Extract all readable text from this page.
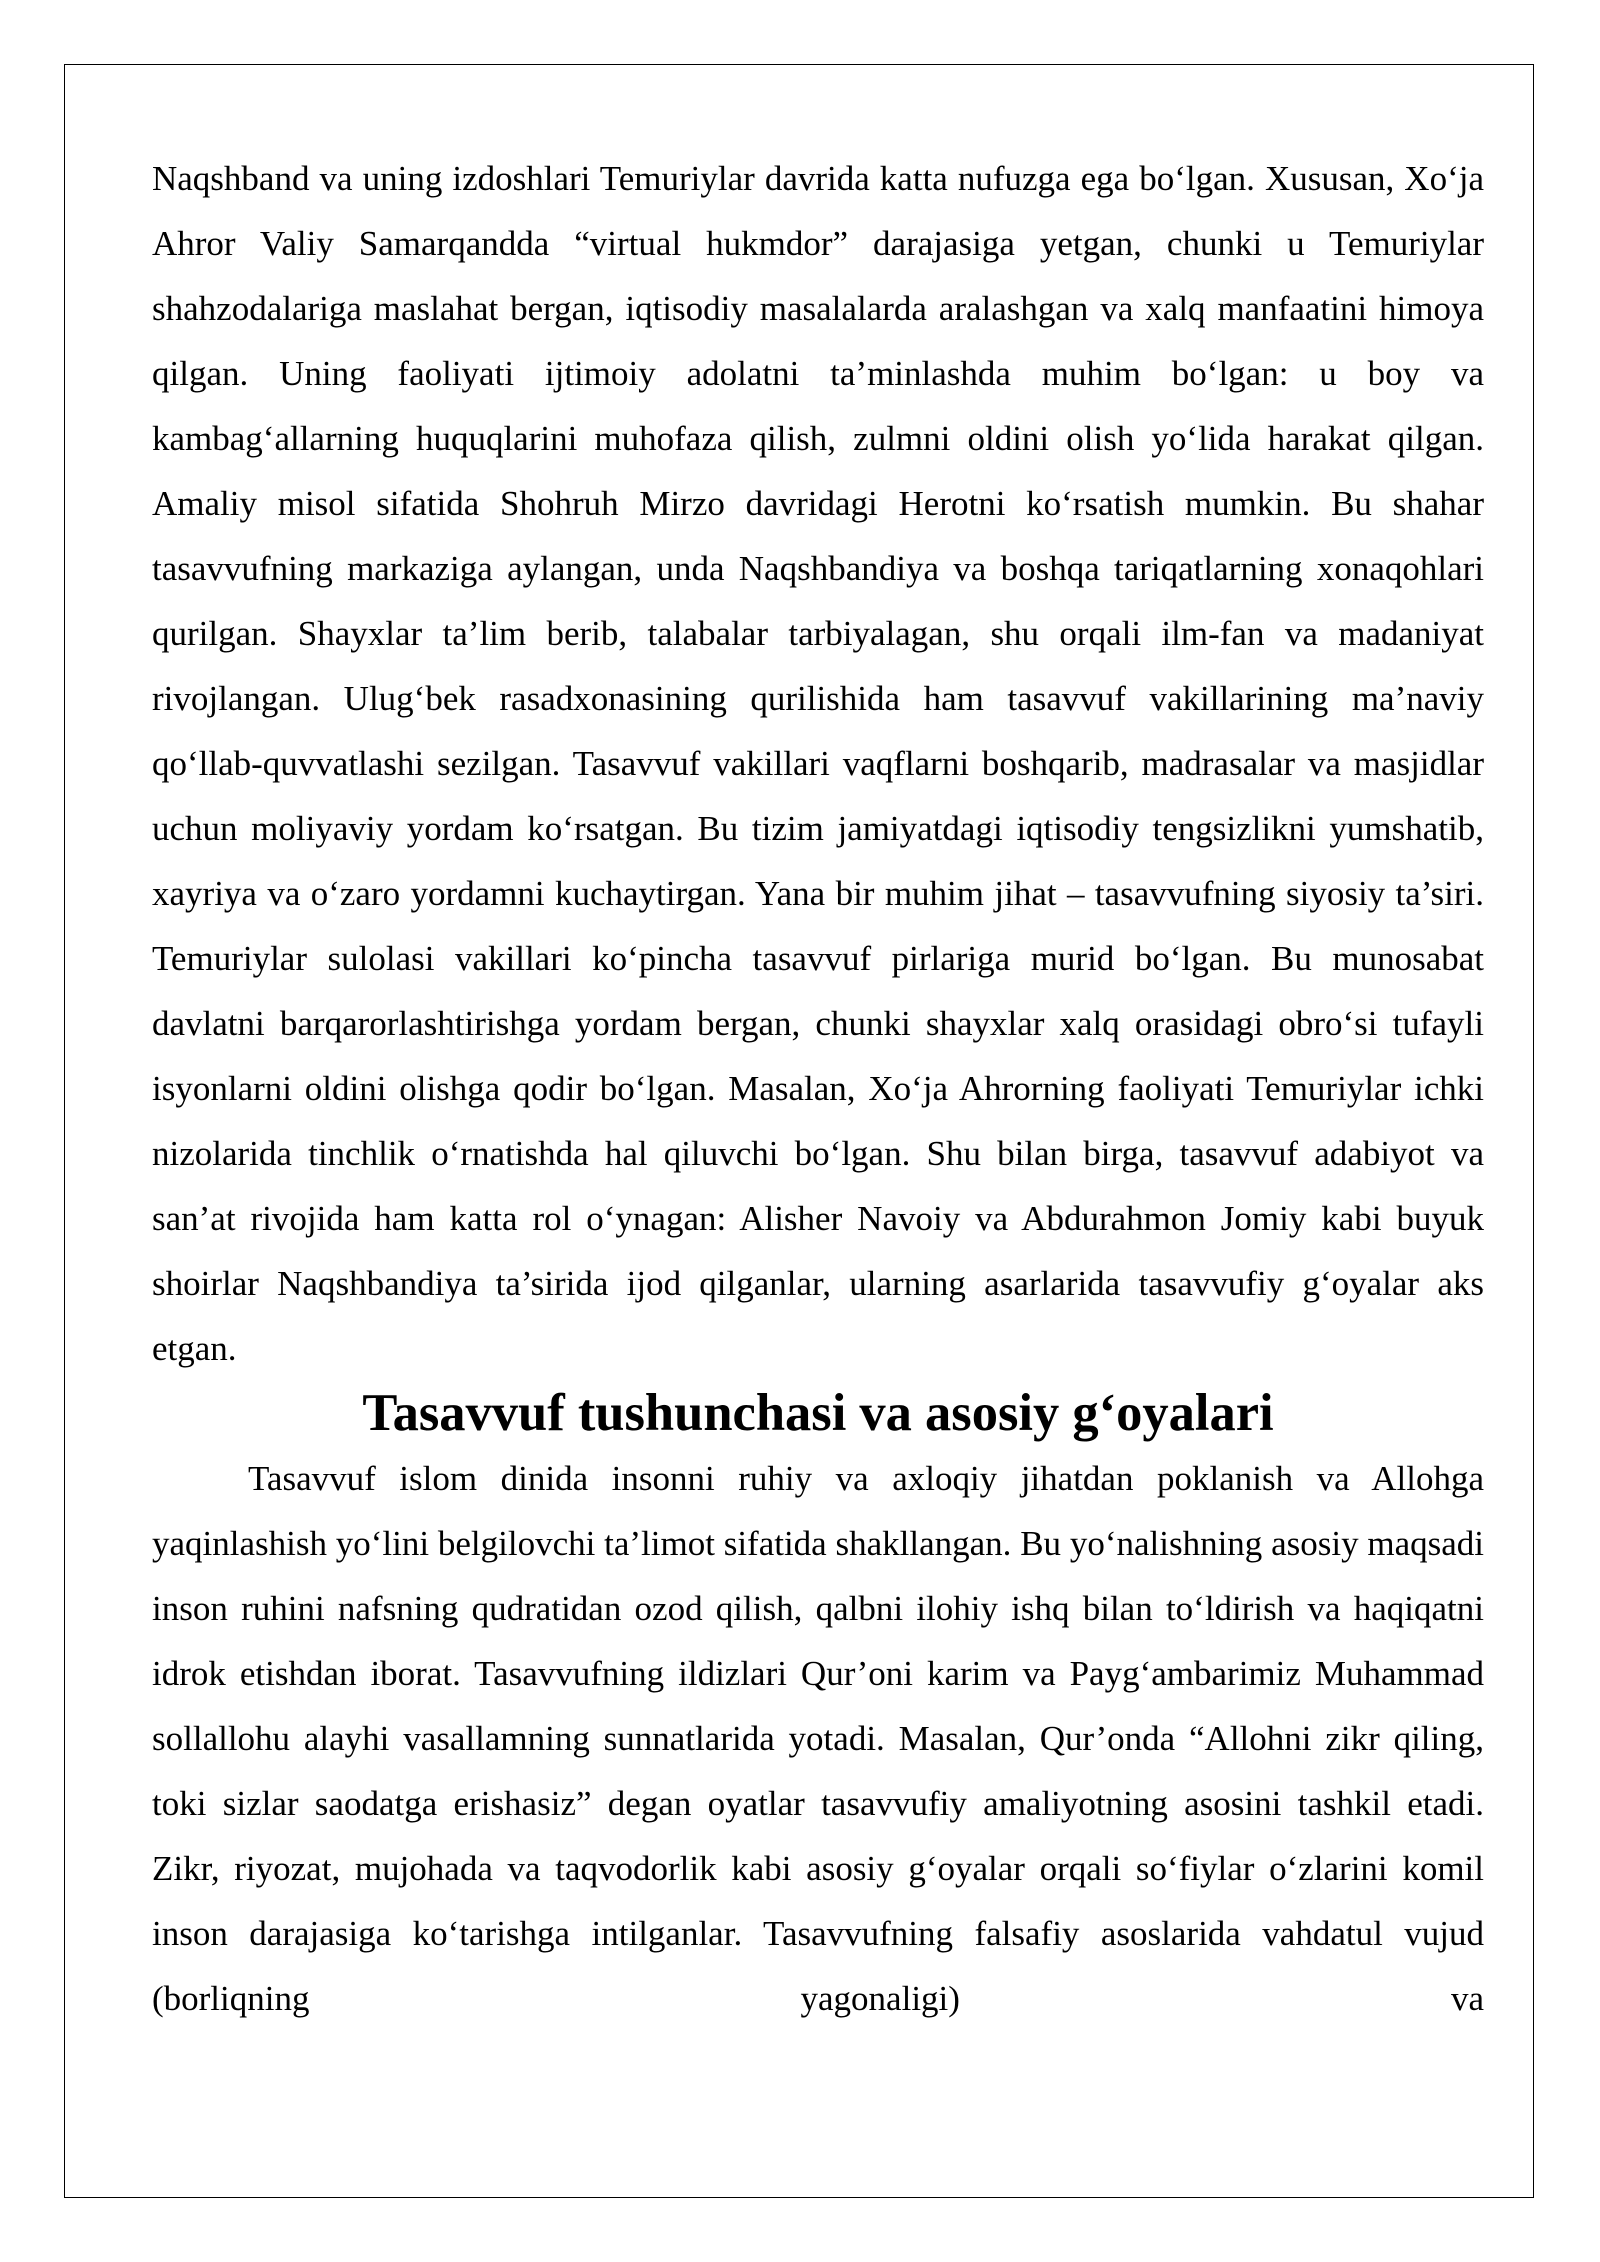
Naqshband va uning izdoshlari Temuriylar davrida katta nufuzga ega bo‘lgan. Xususan, Xo‘ja Ahror Valiy Samarqandda “virtual hukmdor” darajasiga yetgan, chunki u Temuriylar shahzodalariga maslahat bergan, iqtisodiy masalalarda aralashgan va xalq manfaatini himoya qilgan. Uning faoliyati ijtimoiy adolatni ta’minlashda muhim bo‘lgan: u boy va kambag‘allarning huquqlarini muhofaza qilish, zulmni oldini olish yo‘lida harakat qilgan. Amaliy misol sifatida Shohruh Mirzo davridagi Herotni ko‘rsatish mumkin. Bu shahar tasavvufning markaziga aylangan, unda Naqshbandiya va boshqa tariqatlarning xonaqohlari qurilgan. Shayxlar ta’lim berib, talabalar tarbiyalagan, shu orqali ilm-fan va madaniyat rivojlangan. Ulug‘bek rasadxonasining qurilishida ham tasavvuf vakillarining ma’naviy qo‘llab-quvvatlashi sezilgan. Tasavvuf vakillari vaqflarni boshqarib, madrasalar va masjidlar uchun moliyaviy yordam ko‘rsatgan. Bu tizim jamiyatdagi iqtisodiy tengsizlikni yumshatib, xayriya va o‘zaro yordamni kuchaytirgan. Yana bir muhim jihat – tasavvufning siyosiy ta’siri. Temuriylar sulolasi vakillari ko‘pincha tasavvuf pirlariga murid bo‘lgan. Bu munosabat davlatni barqarorlashtirishga yordam bergan, chunki shayxlar xalq orasidagi obro‘si tufayli isyonlarni oldini olishga qodir bo‘lgan. Masalan, Xo‘ja Ahrorning faoliyati Temuriylar ichki nizolarida tinchlik o‘rnatishda hal qiluvchi bo‘lgan. Shu bilan birga, tasavvuf adabiyot va san’at rivojida ham katta rol o‘ynagan: Alisher Navoiy va Abdurahmon Jomiy kabi buyuk shoirlar Naqshbandiya ta’sirida ijod qilganlar, ularning asarlarida tasavvufiy g‘oyalar aks etgan.

Tasavvuf tushunchasi va asosiy g‘oyalari

Tasavvuf islom dinida insonni ruhiy va axloqiy jihatdan poklanish va Allohga yaqinlashish yo‘lini belgilovchi ta’limot sifatida shakllangan. Bu yo‘nalishning asosiy maqsadi inson ruhini nafsning qudratidan ozod qilish, qalbni ilohiy ishq bilan to‘ldirish va haqiqatni idrok etishdan iborat. Tasavvufning ildizlari Qur’oni karim va Payg‘ambarimiz Muhammad sollallohu alayhi vasallamning sunnatlarida yotadi. Masalan, Qur’onda “Allohni zikr qiling, toki sizlar saodatga erishasiz” degan oyatlar tasavvufiy amaliyotning asosini tashkil etadi. Zikr, riyozat, mujohada va taqvodorlik kabi asosiy g‘oyalar orqali so‘fiylar o‘zlarini komil inson darajasiga ko‘tarishga intilganlar. Tasavvufning falsafiy asoslarida vahdatul vujud (borliqning yagonaligi) va
